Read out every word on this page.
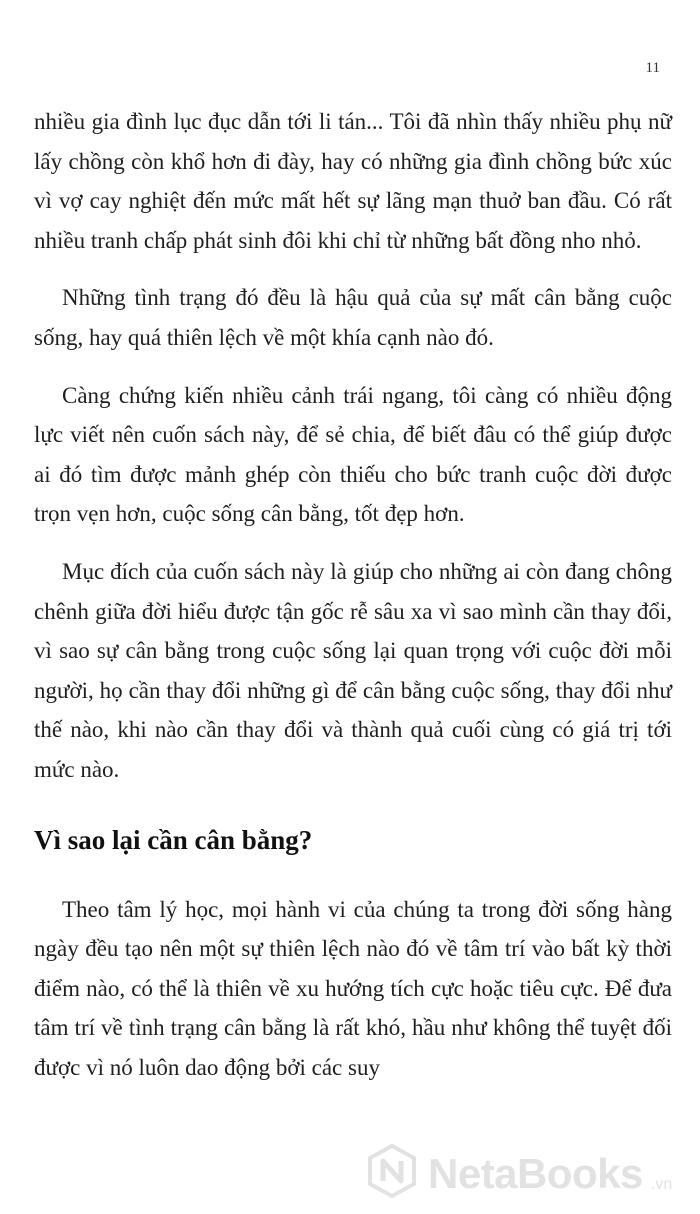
11

nhiều gia đình lục đục dẫn tới li tán... Tôi đã nhìn thấy nhiều phụ nữ lấy chồng còn khổ hơn đi đày, hay có những gia đình chồng bức xúc vì vợ cay nghiệt đến mức mất hết sự lãng mạn thuở ban đầu. Có rất nhiều tranh chấp phát sinh đôi khi chỉ từ những bất đồng nho nhỏ.

Những tình trạng đó đều là hậu quả của sự mất cân bằng cuộc sống, hay quá thiên lệch về một khía cạnh nào đó.

Càng chứng kiến nhiều cảnh trái ngang, tôi càng có nhiều động lực viết nên cuốn sách này, để sẻ chia, để biết đâu có thể giúp được ai đó tìm được mảnh ghép còn thiếu cho bức tranh cuộc đời được trọn vẹn hơn, cuộc sống cân bằng, tốt đẹp hơn.

Mục đích của cuốn sách này là giúp cho những ai còn đang chông chênh giữa đời hiểu được tận gốc rễ sâu xa vì sao mình cần thay đổi, vì sao sự cân bằng trong cuộc sống lại quan trọng với cuộc đời mỗi người, họ cần thay đổi những gì để cân bằng cuộc sống, thay đổi như thế nào, khi nào cần thay đổi và thành quả cuối cùng có giá trị tới mức nào.

Vì sao lại cần cân bằng?

Theo tâm lý học, mọi hành vi của chúng ta trong đời sống hàng ngày đều tạo nên một sự thiên lệch nào đó về tâm trí vào bất kỳ thời điểm nào, có thể là thiên về xu hướng tích cực hoặc tiêu cực. Để đưa tâm trí về tình trạng cân bằng là rất khó, hầu như không thể tuyệt đối được vì nó luôn dao động bởi các suy

NetaBooks .vn
